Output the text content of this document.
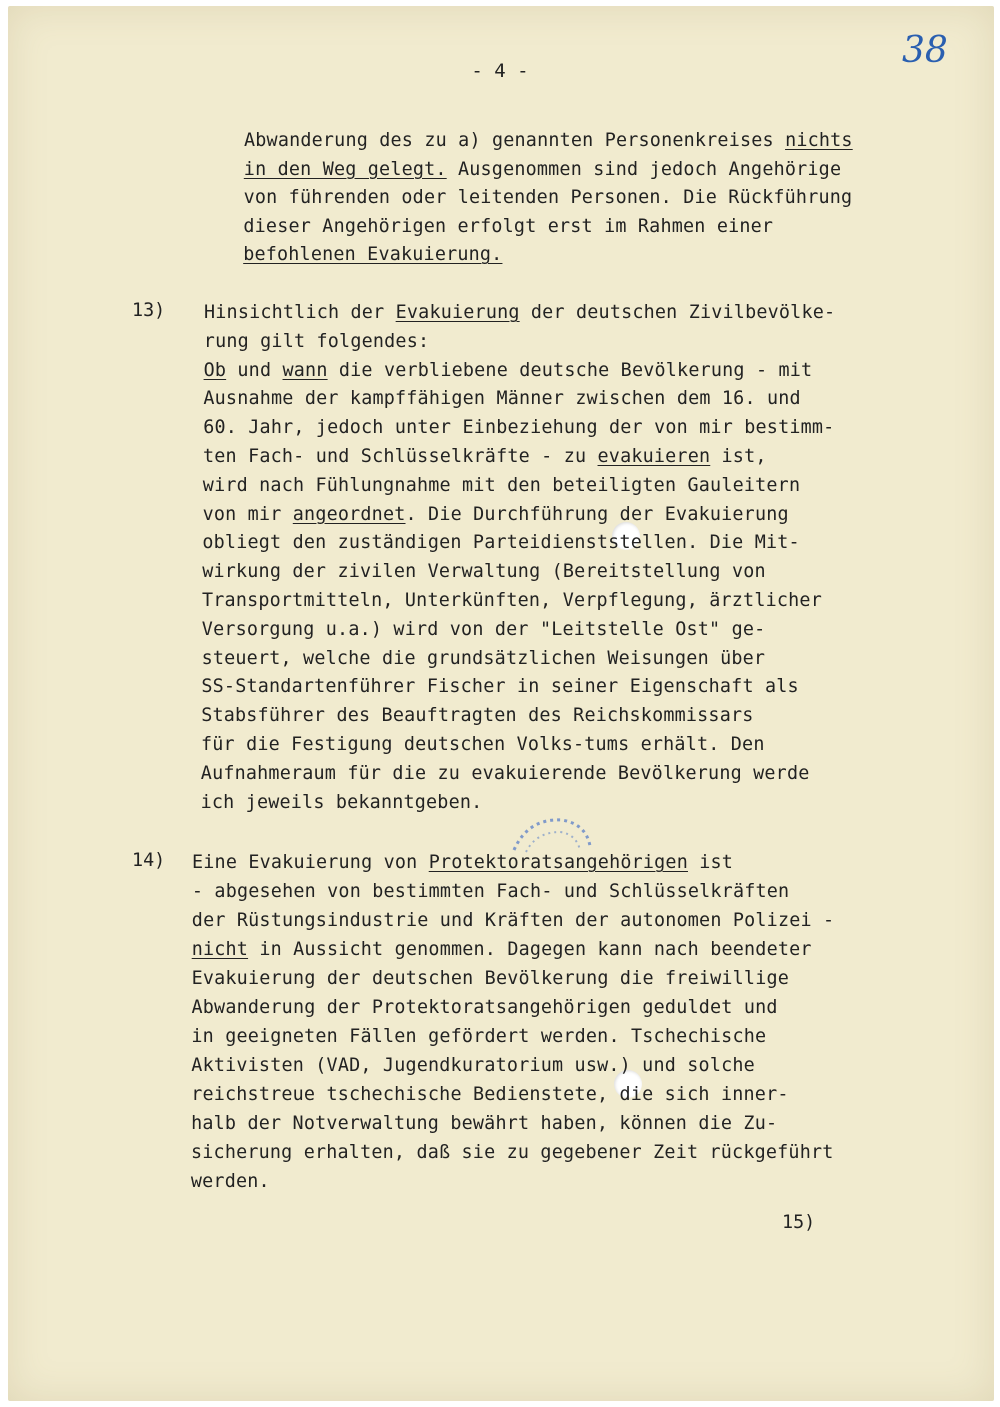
- 4 -	38
Abwanderung des zu a) genannten Personenkreises nichts
in den Weg gelegt. Ausgenommen sind jedoch Angehörige
von führenden oder leitenden Personen. Die Rückführung
dieser Angehörigen erfolgt erst im Rahmen einer
befohlenen Evakuierung.
13) Hinsichtlich der Evakuierung der deutschen Zivilbevölke-
rung gilt folgendes:
Ob und wann die verbliebene deutsche Bevölkerung - mit
Ausnahme der kampffähigen Männer zwischen dem 16. und
60. Jahr, jedoch unter Einbeziehung der von mir bestimm-
ten Fach- und Schlüsselkräfte - zu evakuieren ist,
wird nach Fühlungnahme mit den beteiligten Gauleitern
von mir angeordnet. Die Durchführung der Evakuierung
obliegt den zuständigen Parteidienststellen. Die Mit-
wirkung der zivilen Verwaltung (Bereitstellung von
Transportmitteln, Unterkünften, Verpflegung, ärztlicher
Versorgung u.a.) wird von der "Leitstelle Ost" ge-
steuert, welche die grundsätzlichen Weisungen über
SS-Standartenführer Fischer in seiner Eigenschaft als
Stabsführer des Beauftragten des Reichskommissars
für die Festigung deutschen Volks-tums erhält. Den
Aufnahmeraum für die zu evakuierende Bevölkerung werde
ich jeweils bekanntgeben.
14) Eine Evakuierung von Protektoratsangehörigen ist
- abgesehen von bestimmten Fach- und Schlüsselkräften
der Rüstungsindustrie und Kräften der autonomen Polizei -
nicht in Aussicht genommen. Dagegen kann nach beendeter
Evakuierung der deutschen Bevölkerung die freiwillige
Abwanderung der Protektoratsangehörigen geduldet und
in geeigneten Fällen gefördert werden. Tschechische
Aktivisten (VAD, Jugendkuratorium usw.) und solche
reichstreue tschechische Bedienstete, die sich inner-
halb der Notverwaltung bewährt haben, können die Zu-
sicherung erhalten, daß sie zu gegebener Zeit rückgeführt
werden.
15)
